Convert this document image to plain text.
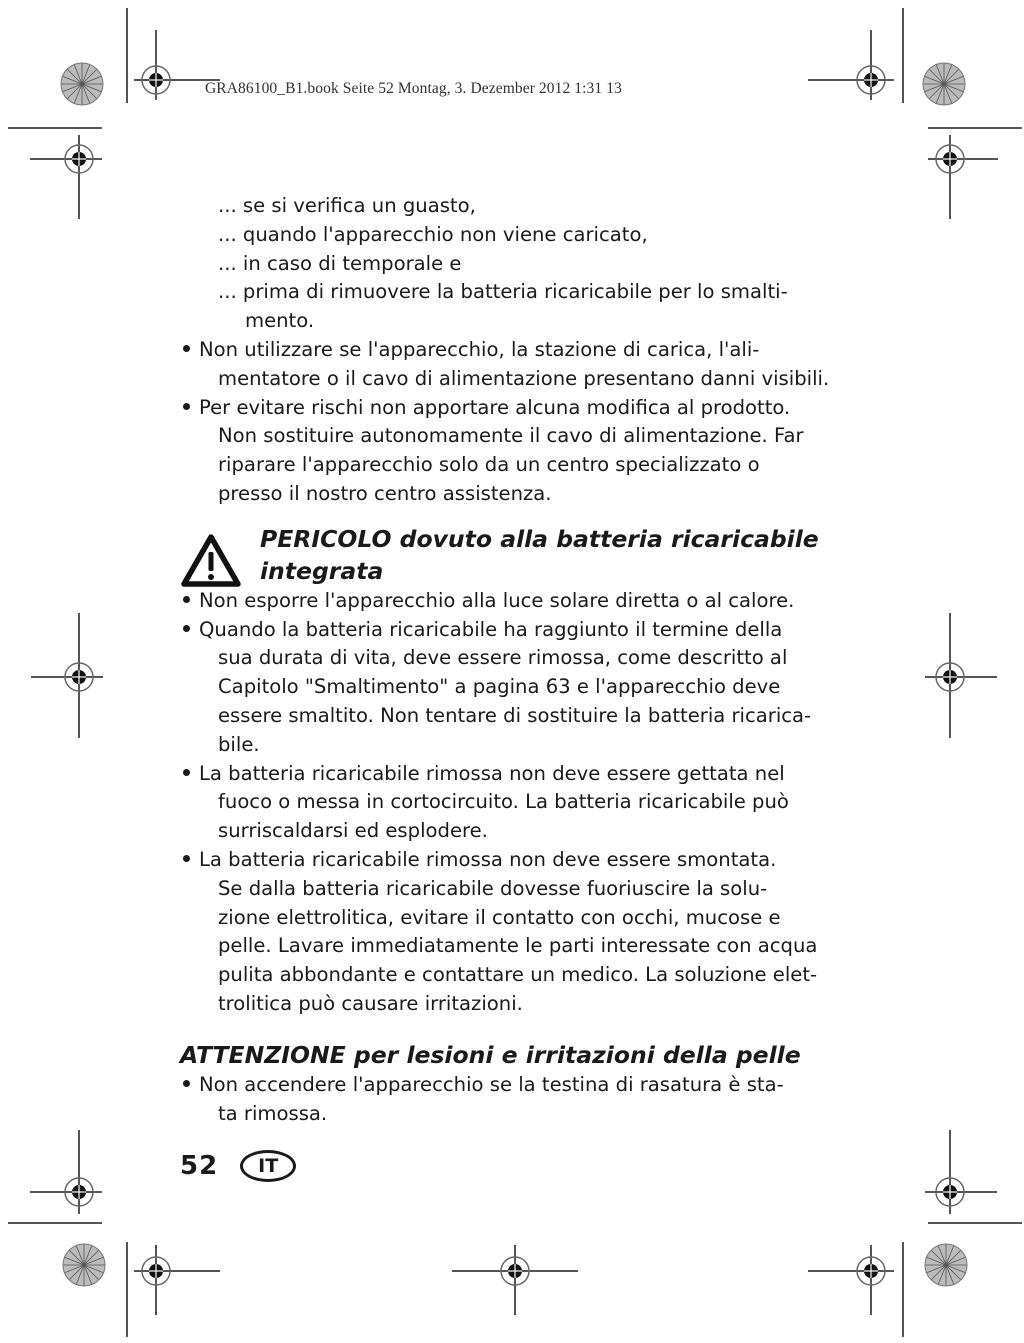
GRA86100_B1.book Seite 52 Montag, 3. Dezember 2012 1:31 13
... se si verifica un guasto,
... quando l'apparecchio non viene caricato,
... in caso di temporale e
... prima di rimuovere la batteria ricaricabile per lo smalti-
mento.
Non utilizzare se l'apparecchio, la stazione di carica, l'ali-
mentatore o il cavo di alimentazione presentano danni visibili.
Per evitare rischi non apportare alcuna modifica al prodotto.
Non sostituire autonomamente il cavo di alimentazione. Far
riparare l'apparecchio solo da un centro specializzato o
presso il nostro centro assistenza.
PERICOLO dovuto alla batteria ricaricabile
integrata
Non esporre l'apparecchio alla luce solare diretta o al calore.
Quando la batteria ricaricabile ha raggiunto il termine della
sua durata di vita, deve essere rimossa, come descritto al
Capitolo "Smaltimento" a pagina 63 e l'apparecchio deve
essere smaltito. Non tentare di sostituire la batteria ricarica-
bile.
La batteria ricaricabile rimossa non deve essere gettata nel
fuoco o messa in cortocircuito. La batteria ricaricabile può
surriscaldarsi ed esplodere.
La batteria ricaricabile rimossa non deve essere smontata.
Se dalla batteria ricaricabile dovesse fuoriuscire la solu-
zione elettrolitica, evitare il contatto con occhi, mucose e
pelle. Lavare immediatamente le parti interessate con acqua
pulita abbondante e contattare un medico. La soluzione elet-
trolitica può causare irritazioni.
ATTENZIONE per lesioni e irritazioni della pelle
Non accendere l'apparecchio se la testina di rasatura è sta-
ta rimossa.
52 IT
